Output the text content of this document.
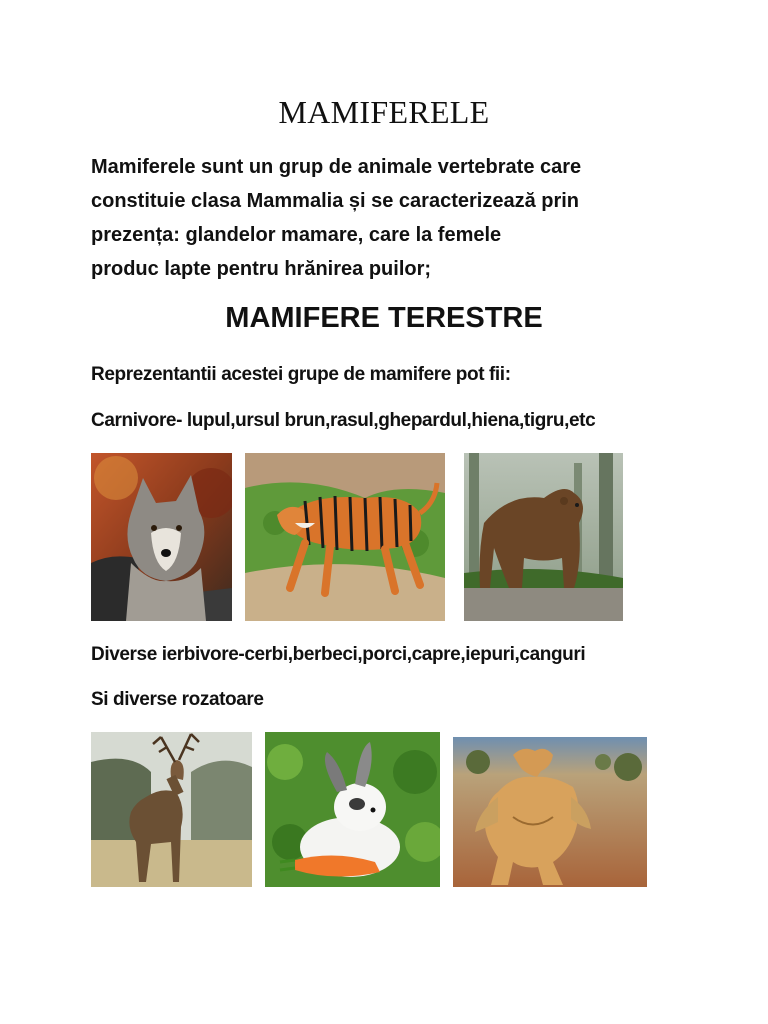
MAMIFERELE
Mamiferele sunt un grup de animale vertebrate care
constituie clasa Mammalia și se caracterizează prin
prezența: glandelor mamare, care la femele
produc lapte pentru hrănirea puilor;
MAMIFERE TERESTRE
Reprezentantii acestei grupe de mamifere pot fii:
Carnivore- lupul,ursul brun,rasul,ghepardul,hiena,tigru,etc
Diverse ierbivore-cerbi,berbeci,porci,capre,iepuri,canguri
Si diverse rozatoare
